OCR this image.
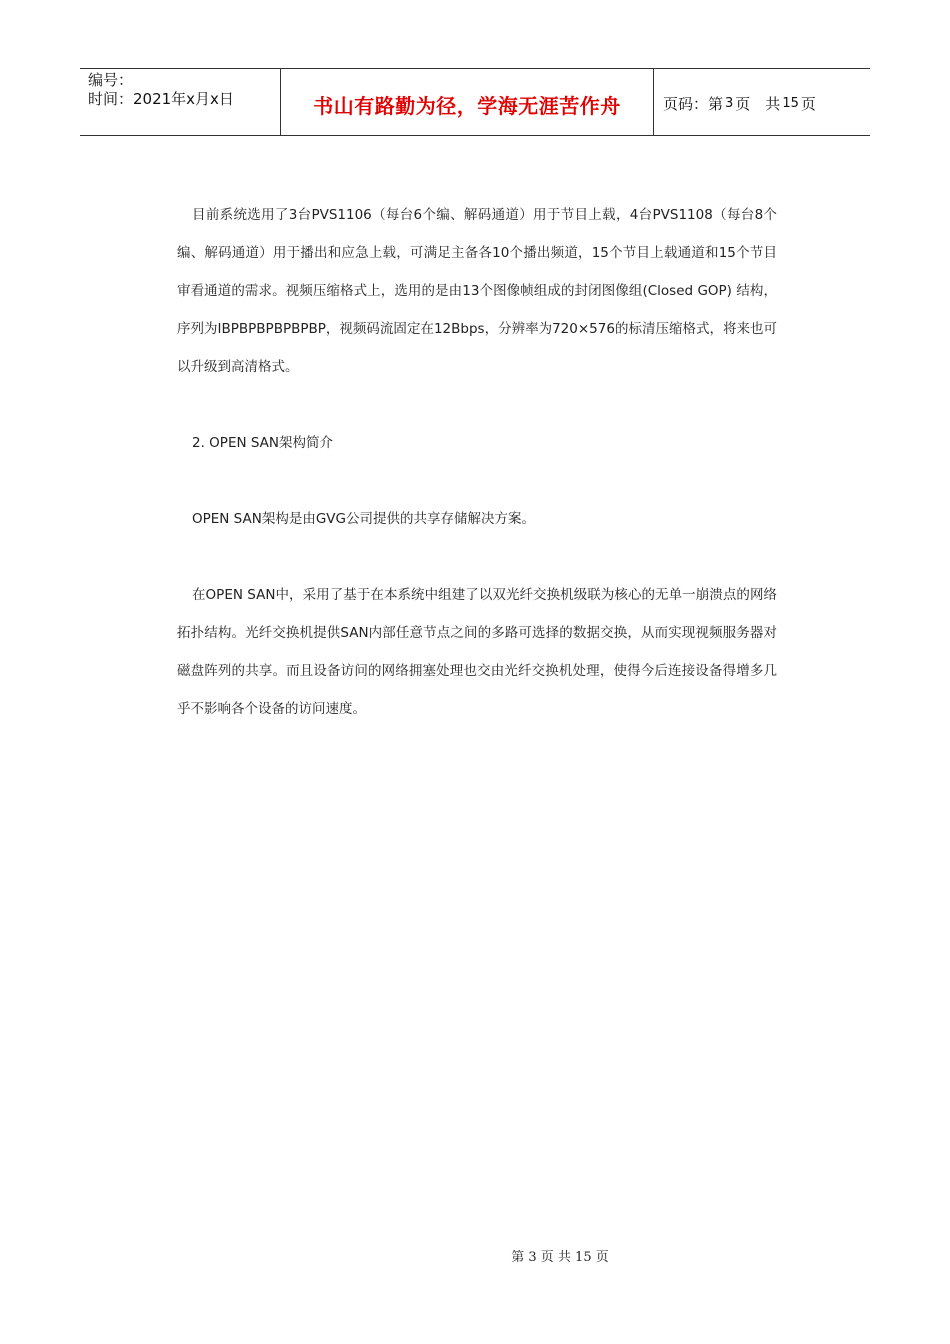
编号：
时间：2021年x月x日	书山有路勤为径，学海无涯苦作舟	页码：第 3 页　共 15 页

目前系统选用了3台PVS1106（每台6个编、解码通道）用于节目上载，4台PVS1108（每台8个编、解码通道）用于播出和应急上载，可满足主备各10个播出频道，15个节目上载通道和15个节目审看通道的需求。视频压缩格式上，选用的是由13个图像帧组成的封闭图像组(Closed GOP) 结构，序列为IBPBPBPBPBPBP，视频码流固定在12Bbps，分辨率为720×576的标清压缩格式，将来也可以升级到高清格式。

2. OPEN SAN架构简介

OPEN SAN架构是由GVG公司提供的共享存储解决方案。

在OPEN SAN中，采用了基于在本系统中组建了以双光纤交换机级联为核心的无单一崩溃点的网络拓扑结构。光纤交换机提供SAN内部任意节点之间的多路可选择的数据交换，从而实现视频服务器对磁盘阵列的共享。而且设备访问的网络拥塞处理也交由光纤交换机处理，使得今后连接设备得增多几乎不影响各个设备的访问速度。

第 3 页 共 15 页
